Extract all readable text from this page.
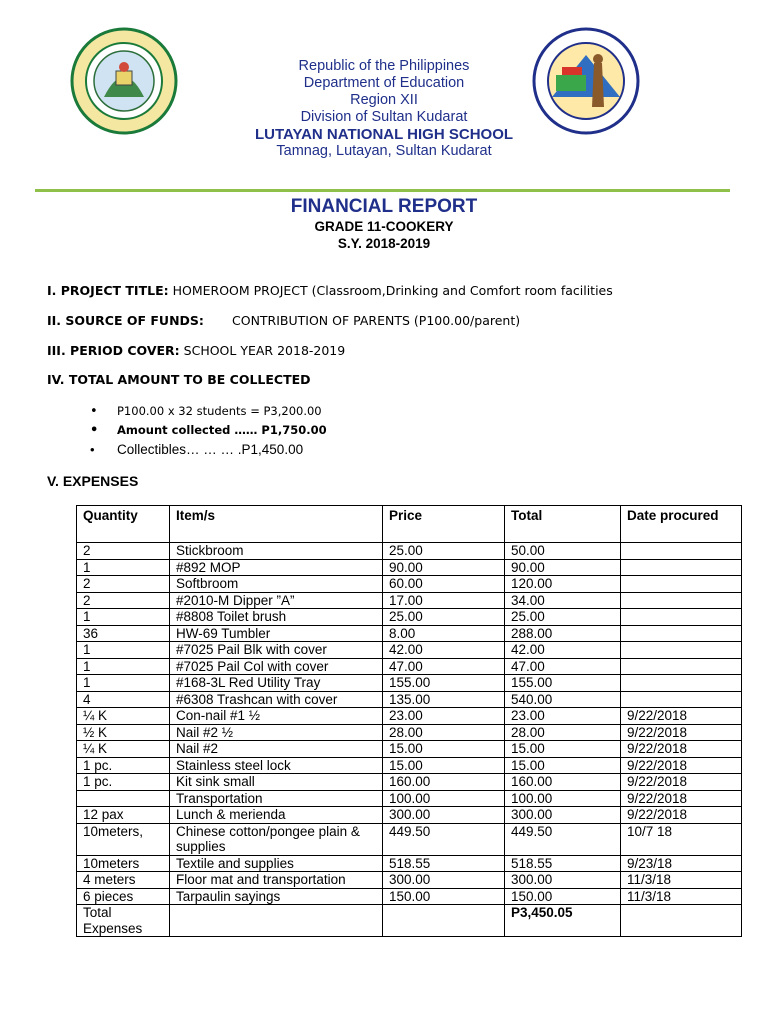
Republic of the Philippines
Department of Education
Region XII
Division of Sultan Kudarat
LUTAYAN NATIONAL HIGH SCHOOL
Tamnag, Lutayan, Sultan Kudarat
FINANCIAL REPORT
GRADE 11-COOKERY
S.Y. 2018-2019
I. PROJECT TITLE: HOMEROOM PROJECT (Classroom,Drinking and Comfort room facilities
II. SOURCE OF FUNDS: CONTRIBUTION OF PARENTS (P100.00/parent)
III. PERIOD COVER: SCHOOL YEAR 2018-2019
IV. TOTAL AMOUNT TO BE COLLECTED
• P100.00 x 32 students = P3,200.00
• Amount collected …… P1,750.00
• Collectibles… … … .P1,450.00
V. EXPENSES
Quantity	Item/s	Price	Total	Date procured
2	Stickbroom	25.00	50.00	
1	#892 MOP	90.00	90.00	
2	Softbroom	60.00	120.00	
2	#2010-M Dipper ”A”	17.00	34.00	
1	#8808 Toilet brush	25.00	25.00	
36	HW-69 Tumbler	8.00	288.00	
1	#7025 Pail Blk with cover	42.00	42.00	
1	#7025 Pail Col with cover	47.00	47.00	
1	#168-3L Red Utility Tray	155.00	155.00	
4	#6308 Trashcan with cover	135.00	540.00	
¼ K	Con-nail #1 ½	23.00	23.00	9/22/2018
½ K	Nail #2 ½	28.00	28.00	9/22/2018
¼ K	Nail #2	15.00	15.00	9/22/2018
1 pc.	Stainless steel lock	15.00	15.00	9/22/2018
1 pc.	Kit sink small	160.00	160.00	9/22/2018
	Transportation	100.00	100.00	9/22/2018
12 pax	Lunch & merienda	300.00	300.00	9/22/2018
10meters,	Chinese cotton/pongee plain & supplies	449.50	449.50	10/7 18
10meters	Textile and supplies	518.55	518.55	9/23/18
4 meters	Floor mat and transportation	300.00	300.00	11/3/18
6 pieces	Tarpaulin sayings	150.00	150.00	11/3/18
Total Expenses			P3,450.05	
